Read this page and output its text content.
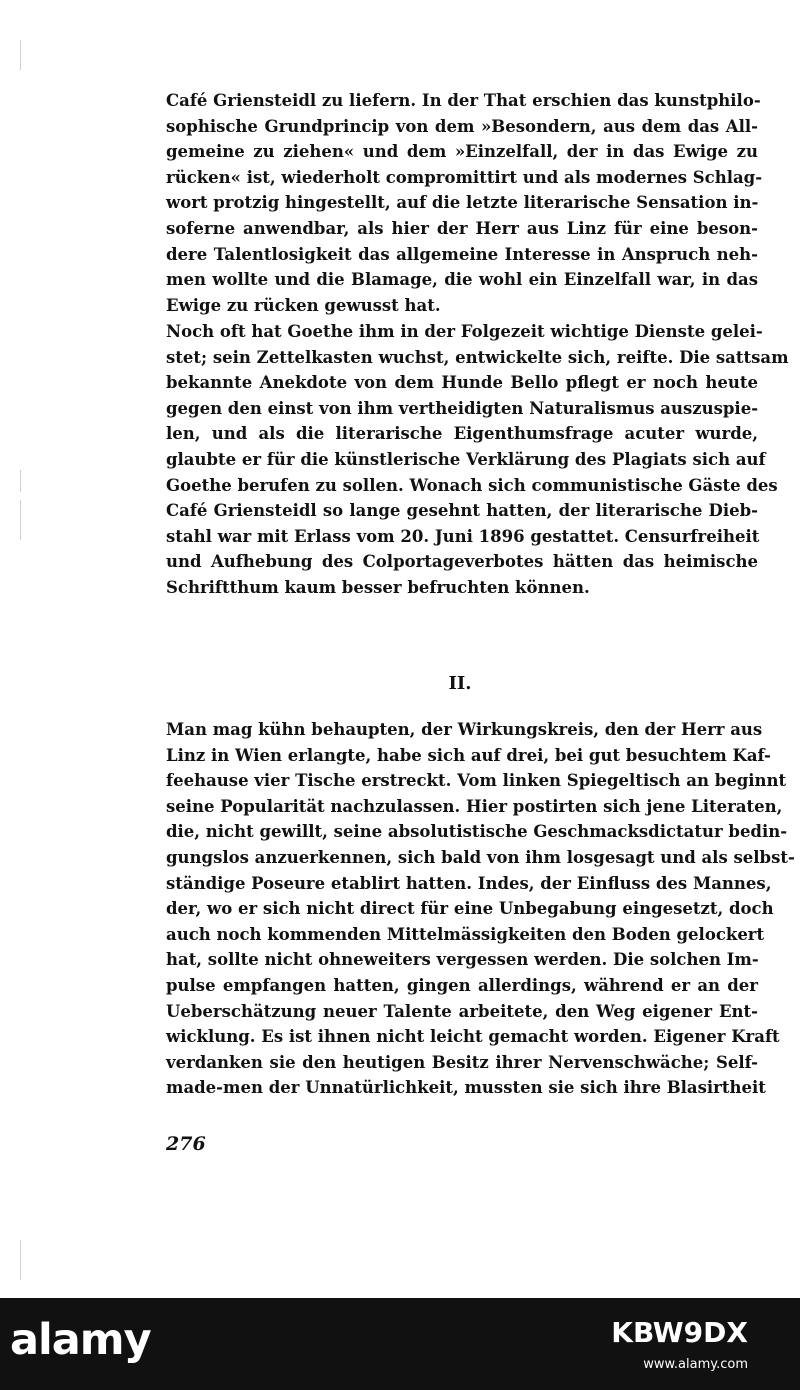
Café Griensteidl zu liefern. In der That erschien das kunstphilo-
sophische Grundprincip von dem »Besondern, aus dem das All-
gemeine zu ziehen« und dem »Einzelfall, der in das Ewige zu
rücken« ist, wiederholt compromittirt und als modernes Schlag-
wort protzig hingestellt, auf die letzte literarische Sensation in-
soferne anwendbar, als hier der Herr aus Linz für eine beson-
dere Talentlosigkeit das allgemeine Interesse in Anspruch neh-
men wollte und die Blamage, die wohl ein Einzelfall war, in das
Ewige zu rücken gewusst hat.
Noch oft hat Goethe ihm in der Folgezeit wichtige Dienste gelei-
stet; sein Zettelkasten wuchst, entwickelte sich, reifte. Die sattsam
bekannte Anekdote von dem Hunde Bello pflegt er noch heute
gegen den einst von ihm vertheidigten Naturalismus auszuspie-
len, und als die literarische Eigenthumsfrage acuter wurde,
glaubte er für die künstlerische Verklärung des Plagiats sich auf
Goethe berufen zu sollen. Wonach sich communistische Gäste des
Café Griensteidl so lange gesehnt hatten, der literarische Dieb-
stahl war mit Erlass vom 20. Juni 1896 gestattet. Censurfreiheit
und Aufhebung des Colportageverbotes hätten das heimische
Schriftthum kaum besser befruchten können.
II.
Man mag kühn behaupten, der Wirkungskreis, den der Herr aus
Linz in Wien erlangte, habe sich auf drei, bei gut besuchtem Kaf-
feehause vier Tische erstreckt. Vom linken Spiegeltisch an beginnt
seine Popularität nachzulassen. Hier postirten sich jene Literaten,
die, nicht gewillt, seine absolutistische Geschmacksdictatur bedin-
gungslos anzuerkennen, sich bald von ihm losgesagt und als selbst-
ständige Poseure etablirt hatten. Indes, der Einfluss des Mannes,
der, wo er sich nicht direct für eine Unbegabung eingesetzt, doch
auch noch kommenden Mittelmässigkeiten den Boden gelockert
hat, sollte nicht ohneweiters vergessen werden. Die solchen Im-
pulse empfangen hatten, gingen allerdings, während er an der
Ueberschätzung neuer Talente arbeitete, den Weg eigener Ent-
wicklung. Es ist ihnen nicht leicht gemacht worden. Eigener Kraft
verdanken sie den heutigen Besitz ihrer Nervenschwäche; Self-
made-men der Unnatürlichkeit, mussten sie sich ihre Blasirtheit
276
alamy	KBW9DX
www.alamy.com
